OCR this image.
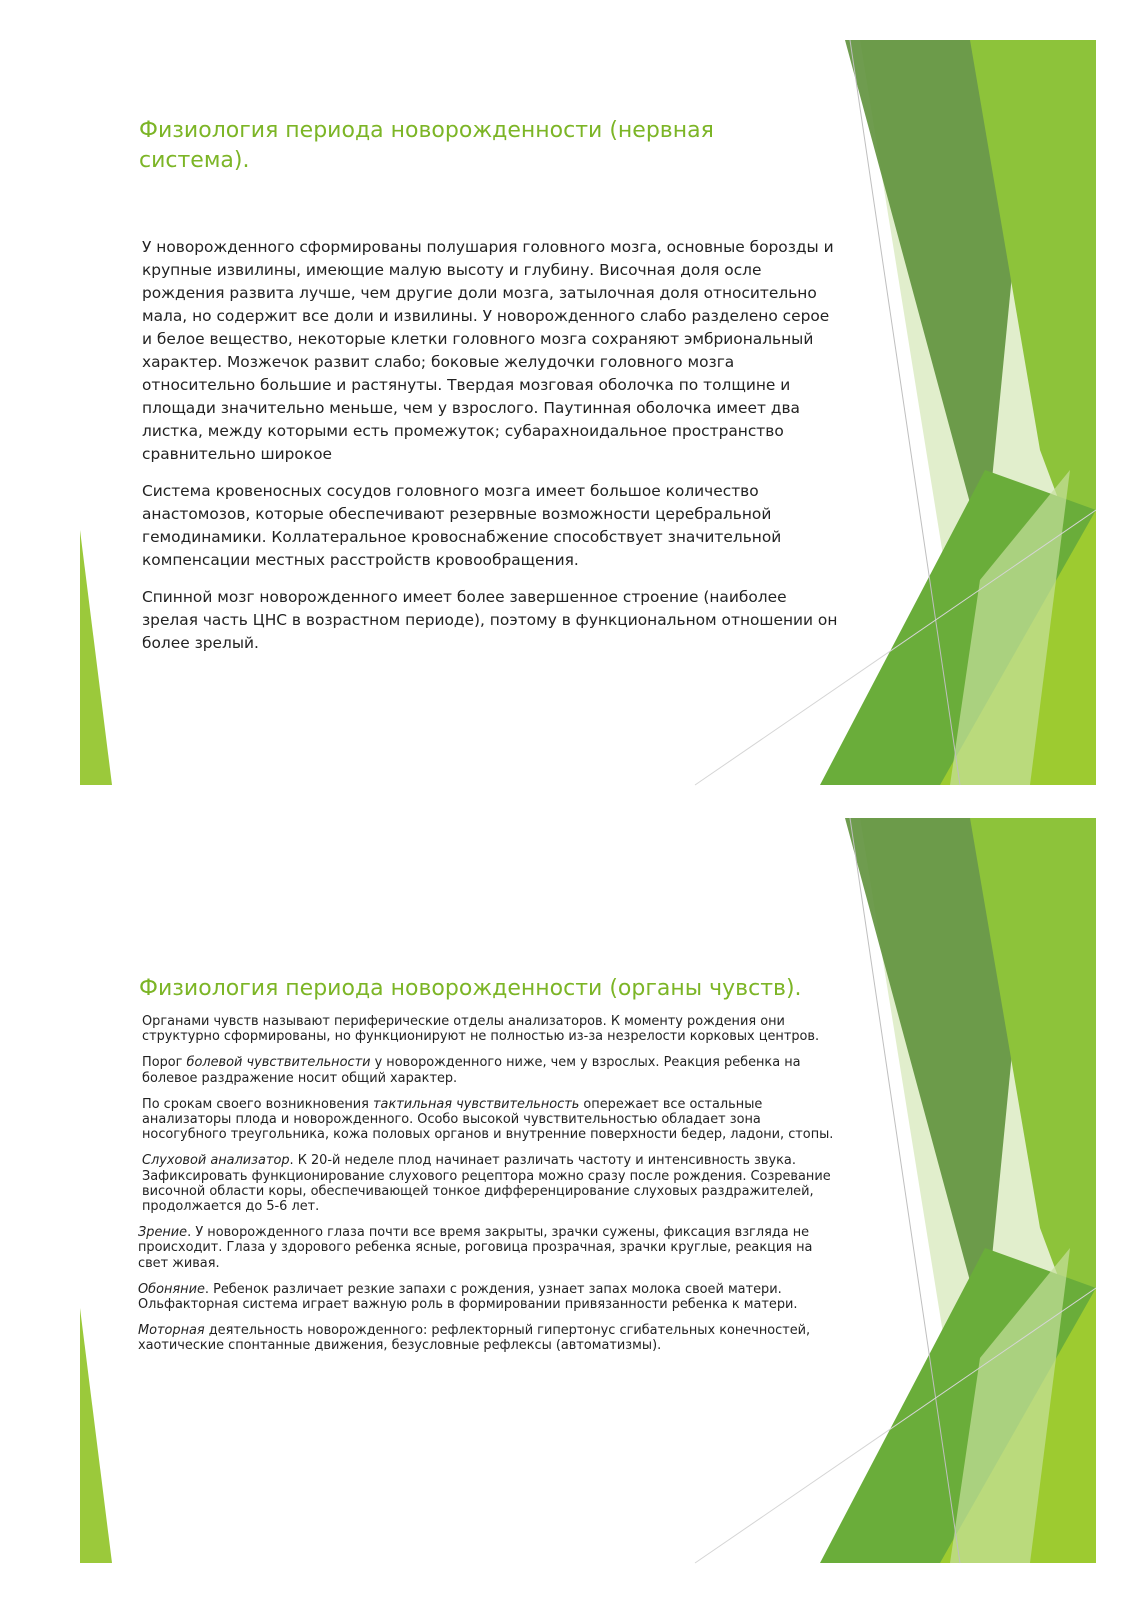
Физиология периода новорожденности (нервная система).

У новорожденного сформированы полушария головного мозга, основные борозды и крупные извилины, имеющие малую высоту и глубину. Височная доля осле рождения развита лучше, чем другие доли мозга, затылочная доля относительно мала, но содержит все доли и извилины. У новорожденного слабо разделено серое и белое вещество, некоторые клетки головного мозга сохраняют эмбриональный характер. Мозжечок развит слабо; боковые желудочки головного мозга относительно большие и растянуты. Твердая мозговая оболочка по толщине и площади значительно меньше, чем у взрослого. Паутинная оболочка имеет два листка, между которыми есть промежуток; субарахноидальное пространство сравнительно широкое

Система кровеносных сосудов головного мозга имеет большое количество анастомозов, которые обеспечивают резервные возможности церебральной гемодинамики. Коллатеральное кровоснабжение способствует значительной компенсации местных расстройств кровообращения.

Спинной мозг новорожденного имеет более завершенное строение (наиболее зрелая часть ЦНС в возрастном периоде), поэтому в функциональном отношении он более зрелый.

Физиология периода новорожденности (органы чувств).

Органами чувств называют периферические отделы анализаторов. К моменту рождения они структурно сформированы, но функционируют не полностью из-за незрелости корковых центров.

Порог болевой чувствительности у новорожденного ниже, чем у взрослых. Реакция ребенка на болевое раздражение носит общий характер.

По срокам своего возникновения тактильная чувствительность опережает все остальные анализаторы плода и новорожденного. Особо высокой чувствительностью обладает зона носогубного треугольника, кожа половых органов и внутренние поверхности бедер, ладони, стопы.

Слуховой анализатор. К 20-й неделе плод начинает различать частоту и интенсивность звука. Зафиксировать функционирование слухового рецептора можно сразу после рождения. Созревание височной области коры, обеспечивающей тонкое дифференцирование слуховых раздражителей, продолжается до 5-6 лет.

Зрение. У новорожденного глаза почти все время закрыты, зрачки сужены, фиксация взгляда не происходит. Глаза у здорового ребенка ясные, роговица прозрачная, зрачки круглые, реакция на свет живая.

Обоняние. Ребенок различает резкие запахи с рождения, узнает запах молока своей матери. Ольфакторная система играет важную роль в формировании привязанности ребенка к матери.

Моторная деятельность новорожденного: рефлекторный гипертонус сгибательных конечностей, хаотические спонтанные движения, безусловные рефлексы (автоматизмы).
